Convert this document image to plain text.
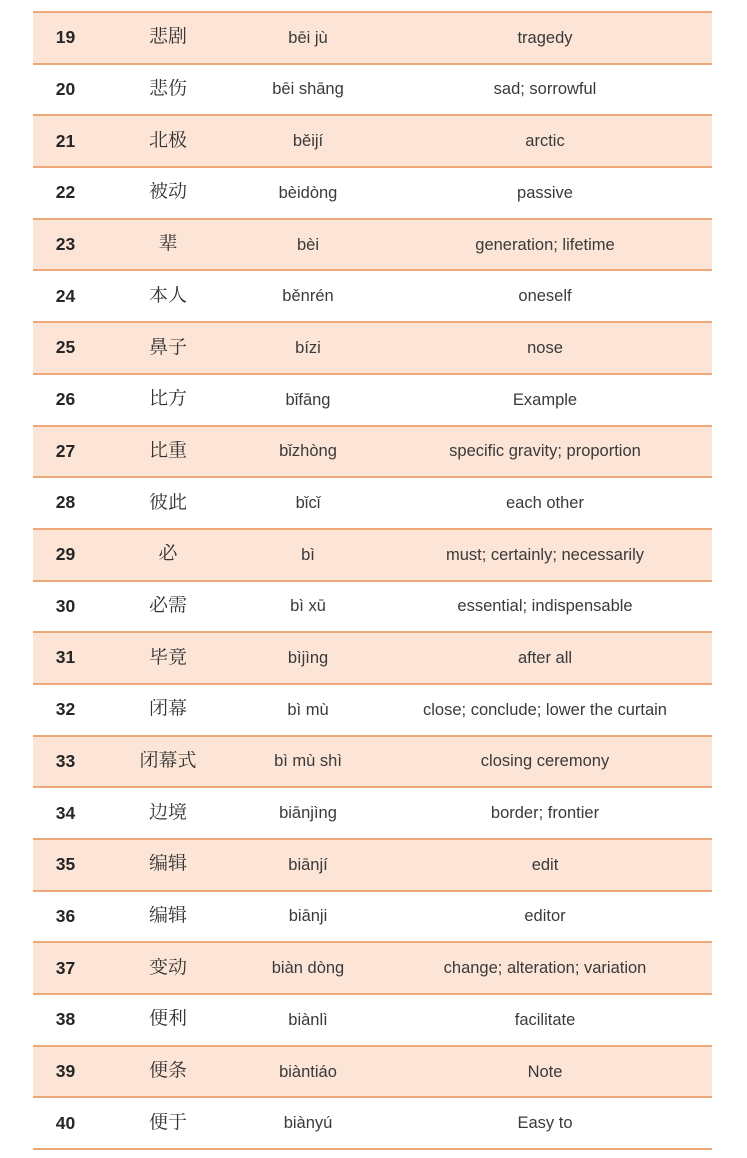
19	悲剧	bēi jù	tragedy
20	悲伤	bēi shāng	sad; sorrowful
21	北极	běijí	arctic
22	被动	bèidòng	passive
23	辈	bèi	generation; lifetime
24	本人	běnrén	oneself
25	鼻子	bízi	nose
26	比方	bǐfāng	Example
27	比重	bǐzhòng	specific gravity; proportion
28	彼此	bǐcǐ	each other
29	必	bì	must; certainly; necessarily
30	必需	bì xū	essential; indispensable
31	毕竟	bìjìng	after all
32	闭幕	bì mù	close; conclude; lower the curtain
33	闭幕式	bì mù shì	closing ceremony
34	边境	biānjìng	border; frontier
35	编辑	biānjí	edit
36	编辑	biānji	editor
37	变动	biàn dòng	change; alteration; variation
38	便利	biànlì	facilitate
39	便条	biàntiáo	Note
40	便于	biànyú	Easy to
